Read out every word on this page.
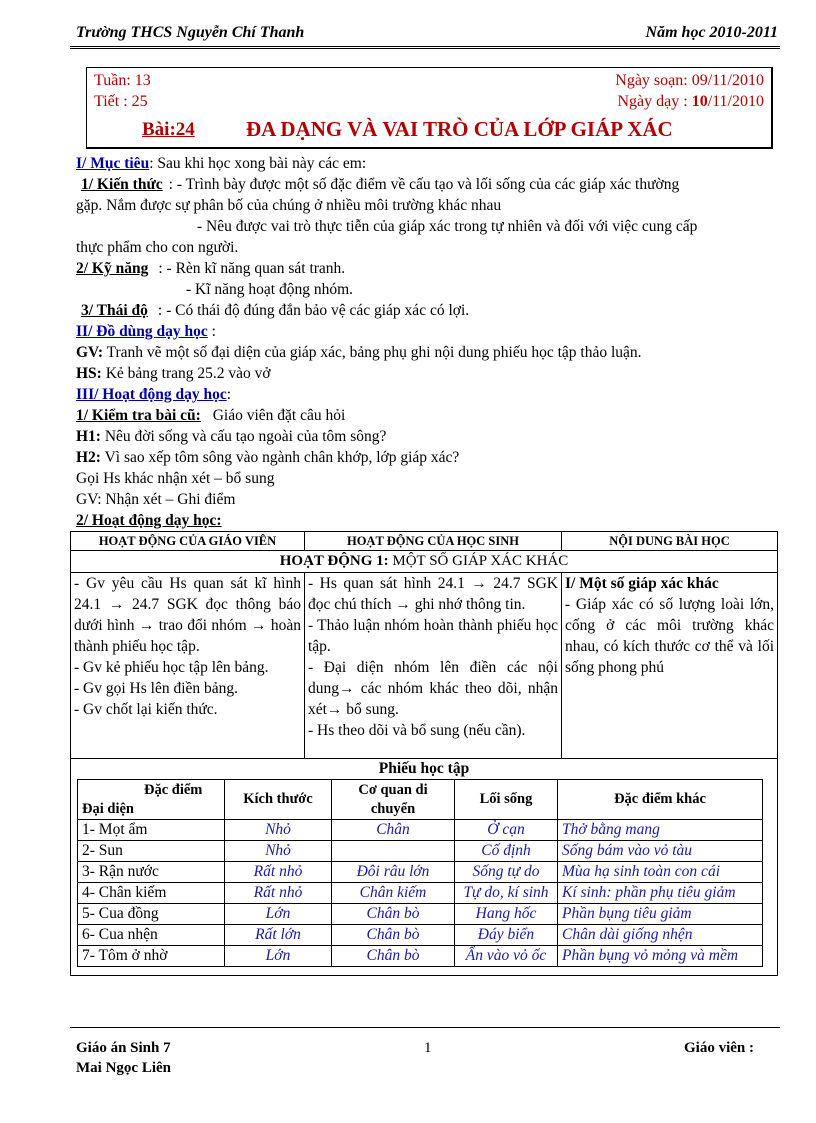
Trường THCS Nguyễn Chí Thanh	Năm học 2010-2011
Tuần: 13
Tiết : 25
Ngày soạn: 09/11/2010
Ngày dạy : 10/11/2010
Bài:24 ĐA DẠNG VÀ VAI TRÒ CỦA LỚP GIÁP XÁC

I/ Mục tiêu: Sau khi học xong bài này các em:

1/ Kiến thức : - Trình bày được một số đặc điểm về cấu tạo và lối sống của các giáp xác thường

gặp. Nắm được sự phân bố của chúng ở nhiều môi trường khác nhau

- Nêu được vai trò thực tiễn của giáp xác trong tự nhiên và đối với việc cung cấp

thực phẩm cho con người.

2/ Kỹ năng : - Rèn kĩ năng quan sát tranh.

- Kĩ năng hoạt động nhóm.

3/ Thái độ : - Có thái độ đúng đắn bảo vệ các giáp xác có lợi.

II/ Đồ dùng dạy học :

GV: Tranh vẽ một số đại diện của giáp xác, bảng phụ ghi nội dung phiếu học tập thảo luận.

HS: Kẻ bảng trang 25.2 vào vở

III/ Hoạt động dạy học:

1/ Kiểm tra bài cũ: Giáo viên đặt câu hỏi

H1: Nêu đời sống và cấu tạo ngoài của tôm sông?

H2: Vì sao xếp tôm sông vào ngành chân khớp, lớp giáp xác?

Gọi Hs khác nhận xét – bổ sung

GV: Nhận xét – Ghi điểm

2/ Hoạt động dạy học:

HOẠT ĐỘNG CỦA GIÁO VIÊN	HOẠT ĐỘNG CỦA HỌC SINH	NỘI DUNG BÀI HỌC
HOẠT ĐỘNG 1: MỘT SỐ GIÁP XÁC KHÁC

- Gv yêu cầu Hs quan sát kĩ hình 24.1 → 24.7 SGK đọc thông báo dưới hình → trao đổi nhóm → hoàn thành phiếu học tập.
- Gv kẻ phiếu học tập lên bảng.
- Gv gọi Hs lên điền bảng.
- Gv chốt lại kiến thức.

- Hs quan sát hình 24.1 → 24.7 SGK đọc chú thích → ghi nhớ thông tin.
- Thảo luận nhóm hoàn thành phiếu học tập.
- Đại diện nhóm lên điền các nội dung→ các nhóm khác theo dõi, nhận xét→ bổ sung.
- Hs theo dõi và bổ sung (nếu cần).

I/ Một số giáp xác khác
- Giáp xác có số lượng loài lớn, cống ở các môi trường khác nhau, có kích thước cơ thể và lối sống phong phú

Phiếu học tập
Đặc điểm
Đại diện
	Kích thước	Cơ quan di chuyển	Lối sống	Đặc điểm khác
1- Mọt ẩm	Nhỏ	Chân	Ở cạn	Thở bằng mang
2- Sun	Nhỏ		Cố định	Sống bám vào vỏ tàu
3- Rận nước	Rất nhỏ	Đôi râu lớn	Sống tự do	Mùa hạ sinh toàn con cái
4- Chân kiếm	Rất nhỏ	Chân kiếm	Tự do, kí sinh	Kí sinh: phần phụ tiêu giảm
5- Cua đồng	Lớn	Chân bò	Hang hốc	Phần bụng tiêu giảm
6- Cua nhện	Rất lớn	Chân bò	Đáy biển	Chân dài giống nhện
7- Tôm ở nhờ	Lớn	Chân bò	Ẩn vào vỏ ốc	Phần bụng vỏ mỏng và mềm
Giáo án Sinh 7	1	Giáo viên :
Mai Ngọc Liên
